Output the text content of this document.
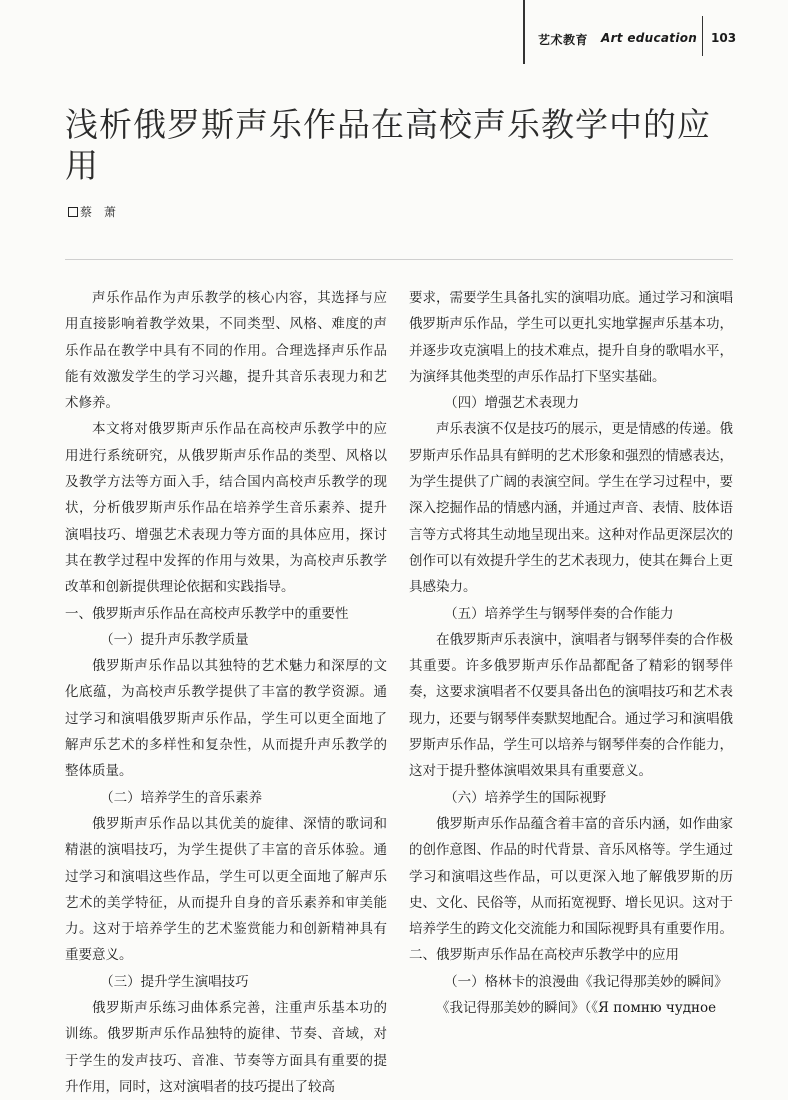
艺术教育 Art education 103
浅析俄罗斯声乐作品在高校声乐教学中的应用
蔡 萧

声乐作品作为声乐教学的核心内容，其选择与应用直接影响着教学效果，不同类型、风格、难度的声乐作品在教学中具有不同的作用。合理选择声乐作品能有效激发学生的学习兴趣，提升其音乐表现力和艺术修养。

本文将对俄罗斯声乐作品在高校声乐教学中的应用进行系统研究，从俄罗斯声乐作品的类型、风格以及教学方法等方面入手，结合国内高校声乐教学的现状，分析俄罗斯声乐作品在培养学生音乐素养、提升演唱技巧、增强艺术表现力等方面的具体应用，探讨其在教学过程中发挥的作用与效果，为高校声乐教学改革和创新提供理论依据和实践指导。

一、俄罗斯声乐作品在高校声乐教学中的重要性

（一）提升声乐教学质量

俄罗斯声乐作品以其独特的艺术魅力和深厚的文化底蕴，为高校声乐教学提供了丰富的教学资源。通过学习和演唱俄罗斯声乐作品，学生可以更全面地了解声乐艺术的多样性和复杂性，从而提升声乐教学的整体质量。

（二）培养学生的音乐素养

俄罗斯声乐作品以其优美的旋律、深情的歌词和精湛的演唱技巧，为学生提供了丰富的音乐体验。通过学习和演唱这些作品，学生可以更全面地了解声乐艺术的美学特征，从而提升自身的音乐素养和审美能力。这对于培养学生的艺术鉴赏能力和创新精神具有重要意义。

（三）提升学生演唱技巧

俄罗斯声乐练习曲体系完善，注重声乐基本功的训练。俄罗斯声乐作品独特的旋律、节奏、音域，对于学生的发声技巧、音准、节奏等方面具有重要的提升作用，同时，这对演唱者的技巧提出了较高

要求，需要学生具备扎实的演唱功底。通过学习和演唱俄罗斯声乐作品，学生可以更扎实地掌握声乐基本功，并逐步攻克演唱上的技术难点，提升自身的歌唱水平，为演绎其他类型的声乐作品打下坚实基础。

（四）增强艺术表现力

声乐表演不仅是技巧的展示，更是情感的传递。俄罗斯声乐作品具有鲜明的艺术形象和强烈的情感表达，为学生提供了广阔的表演空间。学生在学习过程中，要深入挖掘作品的情感内涵，并通过声音、表情、肢体语言等方式将其生动地呈现出来。这种对作品更深层次的创作可以有效提升学生的艺术表现力，使其在舞台上更具感染力。

（五）培养学生与钢琴伴奏的合作能力

在俄罗斯声乐表演中，演唱者与钢琴伴奏的合作极其重要。许多俄罗斯声乐作品都配备了精彩的钢琴伴奏，这要求演唱者不仅要具备出色的演唱技巧和艺术表现力，还要与钢琴伴奏默契地配合。通过学习和演唱俄罗斯声乐作品，学生可以培养与钢琴伴奏的合作能力，这对于提升整体演唱效果具有重要意义。

（六）培养学生的国际视野

俄罗斯声乐作品蕴含着丰富的音乐内涵，如作曲家的创作意图、作品的时代背景、音乐风格等。学生通过学习和演唱这些作品，可以更深入地了解俄罗斯的历史、文化、民俗等，从而拓宽视野、增长见识。这对于培养学生的跨文化交流能力和国际视野具有重要作用。

二、俄罗斯声乐作品在高校声乐教学中的应用

（一）格林卡的浪漫曲《我记得那美妙的瞬间》

《我记得那美妙的瞬间》（《Я помню чудное
